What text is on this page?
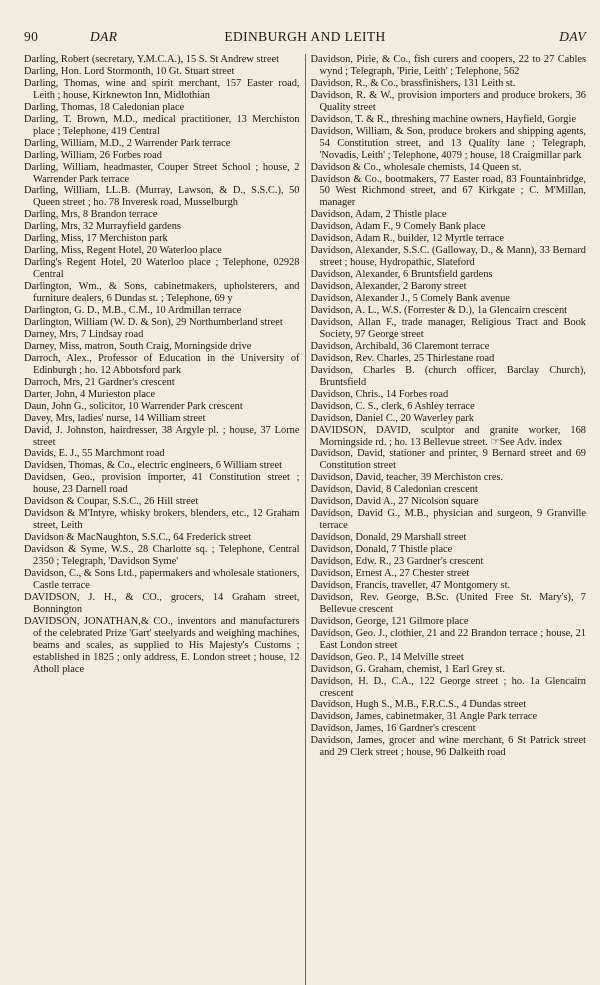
90	DAR	EDINBURGH AND LEITH	DAV

Darling, Robert (secretary, Y.M.C.A.), 15 S. St Andrew street

Darling, Hon. Lord Stormonth, 10 Gt. Stuart street

Darling, Thomas, wine and spirit merchant, 157 Easter road, Leith ; house, Kirknewton Inn, Midlothian

Darling, Thomas, 18 Caledonian place

Darling, T. Brown, M.D., medical practitioner, 13 Merchiston place ; Telephone, 419 Central

Darling, William, M.D., 2 Warrender Park terrace

Darling, William, 26 Forbes road

Darling, William, headmaster, Couper Street School ; house, 2 Warrender Park terrace

Darling, William, LL.B. (Murray, Lawson, & D., S.S.C.), 50 Queen street ; ho. 78 Inveresk road, Musselburgh

Darling, Mrs, 8 Brandon terrace

Darling, Mrs, 32 Murrayfield gardens

Darling, Miss, 17 Merchiston park

Darling, Miss, Regent Hotel, 20 Waterloo place

Darling's Regent Hotel, 20 Waterloo place ; Telephone, 02928 Central

Darlington, Wm., & Sons, cabinetmakers, upholsterers, and furniture dealers, 6 Dundas st. ; Telephone, 69 y

Darlington, G. D., M.B., C.M., 10 Ardmillan terrace

Darlington, William (W. D. & Son), 29 Northumberland street

Darney, Mrs, 7 Lindsay road

Darney, Miss, matron, South Craig, Morningside drive

Darroch, Alex., Professor of Education in the University of Edinburgh ; ho. 12 Abbotsford park

Darroch, Mrs, 21 Gardner's crescent

Darter, John, 4 Murieston place

Daun, John G., solicitor, 10 Warrender Park crescent

Davey, Mrs, ladies' nurse, 14 William street

David, J. Johnston, hairdresser, 38 Argyle pl. ; house, 37 Lorne street

Davids, E. J., 55 Marchmont road

Davidsen, Thomas, & Co., electric engineers, 6 William street

Davidsen, Geo., provision importer, 41 Constitution street ; house, 23 Darnell road

Davidson & Coupar, S.S.C., 26 Hill street

Davidson & M'Intyre, whisky brokers, blenders, etc., 12 Graham street, Leith

Davidson & MacNaughton, S.S.C., 64 Frederick street

Davidson & Syme, W.S., 28 Charlotte sq. ; Telephone, Central 2350 ; Telegraph, 'Davidson Syme'

Davidson, C., & Sons Ltd., papermakers and wholesale stationers, Castle terrace

DAVIDSON, J. H., & CO., grocers, 14 Graham street, Bonnington

DAVIDSON, JONATHAN,& CO., inventors and manufacturers of the celebrated Prize 'Gart' steelyards and weighing machines, beams and scales, as supplied to His Majesty's Customs ; established in 1825 ; only address, E. London street ; house, 12 Atholl place

Davidson, Pirie, & Co., fish curers and coopers, 22 to 27 Cables wynd ; Telegraph, 'Pirie, Leith' ; Telephone, 562

Davidson, R., & Co., brassfinishers, 131 Leith st.

Davidson, R. & W., provision importers and produce brokers, 36 Quality street

Davidson, T. & R., threshing machine owners, Hayfield, Gorgie

Davidson, William, & Son, produce brokers and shipping agents, 54 Constitution street, and 13 Quality lane ; Telegraph, 'Novadis, Leith' ; Telephone, 4079 ; house, 18 Craigmillar park

Davidson & Co., wholesale chemists, 14 Queen st.

Davidson & Co., bootmakers, 77 Easter road, 83 Fountainbridge, 50 West Richmond street, and 67 Kirkgate ; C. M'Millan, manager

Davidson, Adam, 2 Thistle place

Davidson, Adam F., 9 Comely Bank place

Davidson, Adam R., builder, 12 Myrtle terrace

Davidson, Alexander, S.S.C. (Galloway, D., & Mann), 33 Bernard street ; house, Hydropathic, Slateford

Davidson, Alexander, 6 Bruntsfield gardens

Davidson, Alexander, 2 Barony street

Davidson, Alexander J., 5 Comely Bank avenue

Davidson, A. L., W.S. (Forrester & D.), 1a Glencairn crescent

Davidson, Allan F., trade manager, Religious Tract and Book Society, 97 George street

Davidson, Archibald, 36 Claremont terrace

Davidson, Rev. Charles, 25 Thirlestane road

Davidson, Charles B. (church officer, Barclay Church), Bruntsfield

Davidson, Chris., 14 Forbes road

Davidson, C. S., clerk, 6 Ashley terrace

Davidson, Daniel C., 20 Waverley park

DAVIDSON, DAVID, sculptor and granite worker, 168 Morningside rd. ; ho. 13 Bellevue street. ☞See Adv. index

Davidson, David, stationer and printer, 9 Bernard street and 69 Constitution street

Davidson, David, teacher, 39 Merchiston cres.

Davidson, David, 8 Caledonian crescent

Davidson, David A., 27 Nicolson square

Davidson, David G., M.B., physician and surgeon, 9 Granville terrace

Davidson, Donald, 29 Marshall street

Davidson, Donald, 7 Thistle place

Davidson, Edw. R., 23 Gardner's crescent

Davidson, Ernest A., 27 Chester street

Davidson, Francis, traveller, 47 Montgomery st.

Davidson, Rev. George, B.Sc. (United Free St. Mary's), 7 Bellevue crescent

Davidson, George, 121 Gilmore place

Davidson, Geo. J., clothier, 21 and 22 Brandon terrace ; house, 21 East London street

Davidson, Geo. P., 14 Melville street

Davidson, G. Graham, chemist, 1 Earl Grey st.

Davidson, H. D., C.A., 122 George street ; ho. 1a Glencairn crescent

Davidson, Hugh S., M.B., F.R.C.S., 4 Dundas street

Davidson, James, cabinetmaker, 31 Angle Park terrace

Davidson, James, 16 Gardner's crescent

Davidson, James, grocer and wine merchant, 6 St Patrick street and 29 Clerk street ; house, 96 Dalkeith road
